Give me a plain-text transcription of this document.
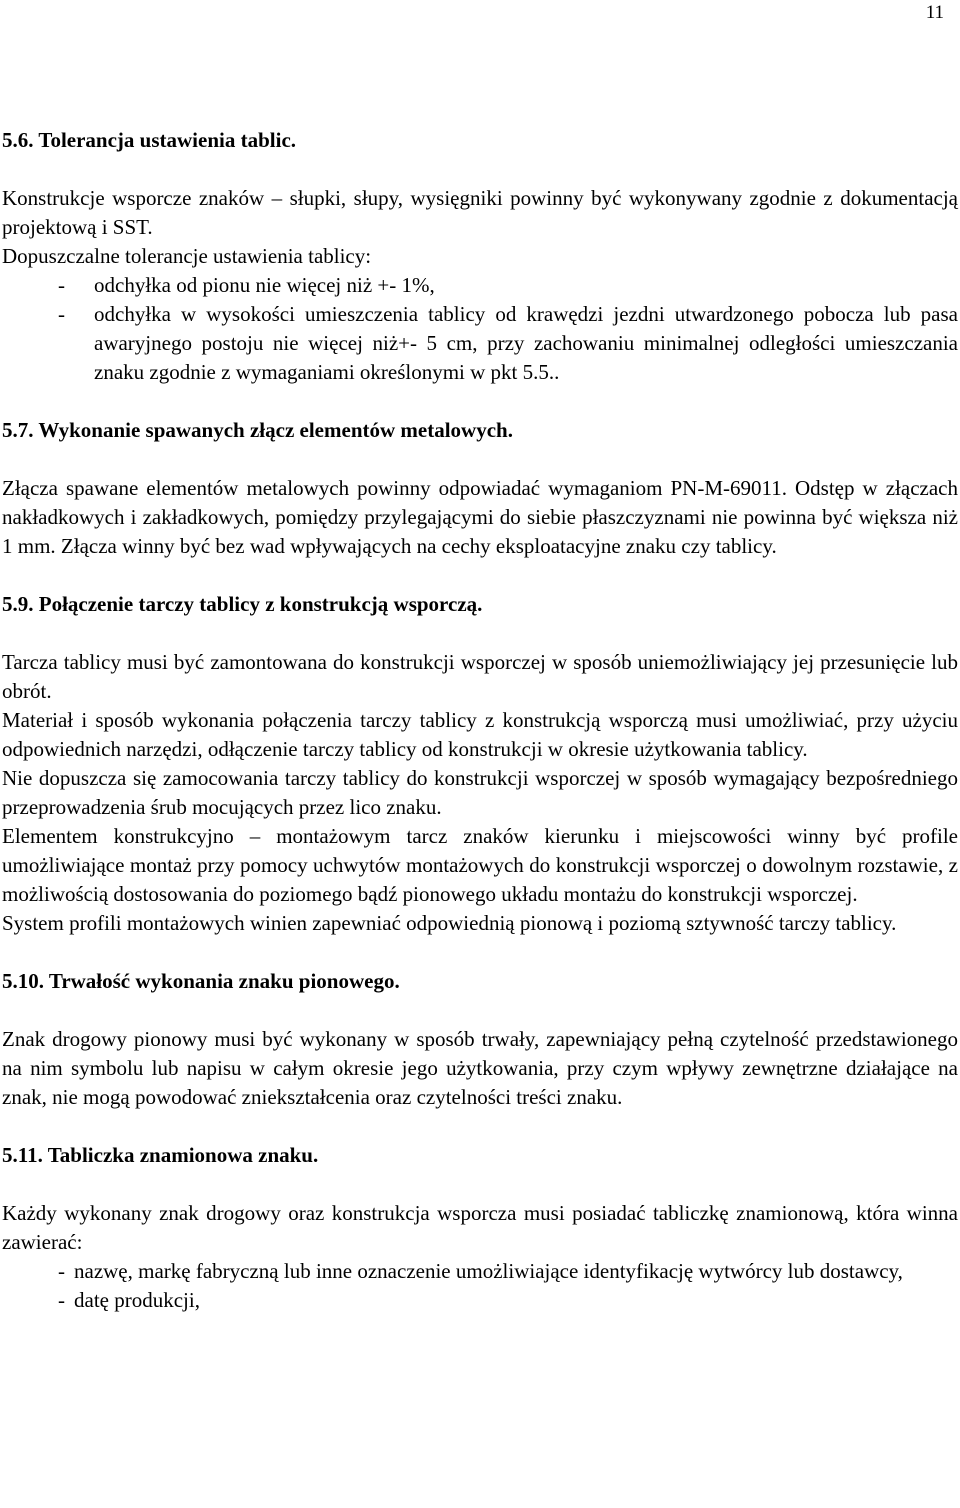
11
5.6. Tolerancja ustawienia tablic.

Konstrukcje wsporcze znaków – słupki, słupy, wysięgniki powinny być wykonywany zgodnie z dokumentacją projektową i SST.

Dopuszczalne tolerancje ustawienia tablicy:

- odchyłka od pionu nie więcej niż +- 1%,
- odchyłka w wysokości umieszczenia tablicy od krawędzi jezdni utwardzonego pobocza lub pasa awaryjnego postoju nie więcej niż+- 5 cm, przy zachowaniu minimalnej odległości umieszczania znaku zgodnie z wymaganiami określonymi w pkt 5.5..
5.7. Wykonanie spawanych złącz elementów metalowych.

Złącza spawane elementów metalowych powinny odpowiadać wymaganiom PN-M-69011. Odstęp w złączach nakładkowych i zakładkowych, pomiędzy przylegającymi do siebie płaszczyznami nie powinna być większa niż 1 mm. Złącza winny być bez wad wpływających na cechy eksploatacyjne znaku czy tablicy.

5.9. Połączenie tarczy tablicy z konstrukcją wsporczą.

Tarcza tablicy musi być zamontowana do konstrukcji wsporczej w sposób uniemożliwiający jej przesunięcie lub obrót.

Materiał i sposób wykonania połączenia tarczy tablicy z konstrukcją wsporczą musi umożliwiać, przy użyciu odpowiednich narzędzi, odłączenie tarczy tablicy od konstrukcji w okresie użytkowania tablicy.

Nie dopuszcza się zamocowania tarczy tablicy do konstrukcji wsporczej w sposób wymagający bezpośredniego przeprowadzenia śrub mocujących przez lico znaku.

Elementem konstrukcyjno – montażowym tarcz znaków kierunku i miejscowości winny być profile umożliwiające montaż przy pomocy uchwytów montażowych do konstrukcji wsporczej o dowolnym rozstawie, z możliwością dostosowania do poziomego bądź pionowego układu montażu do konstrukcji wsporczej.

System profili montażowych winien zapewniać odpowiednią pionową i poziomą sztywność tarczy tablicy.

5.10. Trwałość wykonania znaku pionowego.

Znak drogowy pionowy musi być wykonany w sposób trwały, zapewniający pełną czytelność przedstawionego na nim symbolu lub napisu w całym okresie jego użytkowania, przy czym wpływy zewnętrzne działające na znak, nie mogą powodować zniekształcenia oraz czytelności treści znaku.

5.11. Tabliczka znamionowa znaku.

Każdy wykonany znak drogowy oraz konstrukcja wsporcza musi posiadać tabliczkę znamionową, która winna zawierać:

- nazwę, markę fabryczną lub inne oznaczenie umożliwiające identyfikację wytwórcy lub dostawcy,
- datę produkcji,
